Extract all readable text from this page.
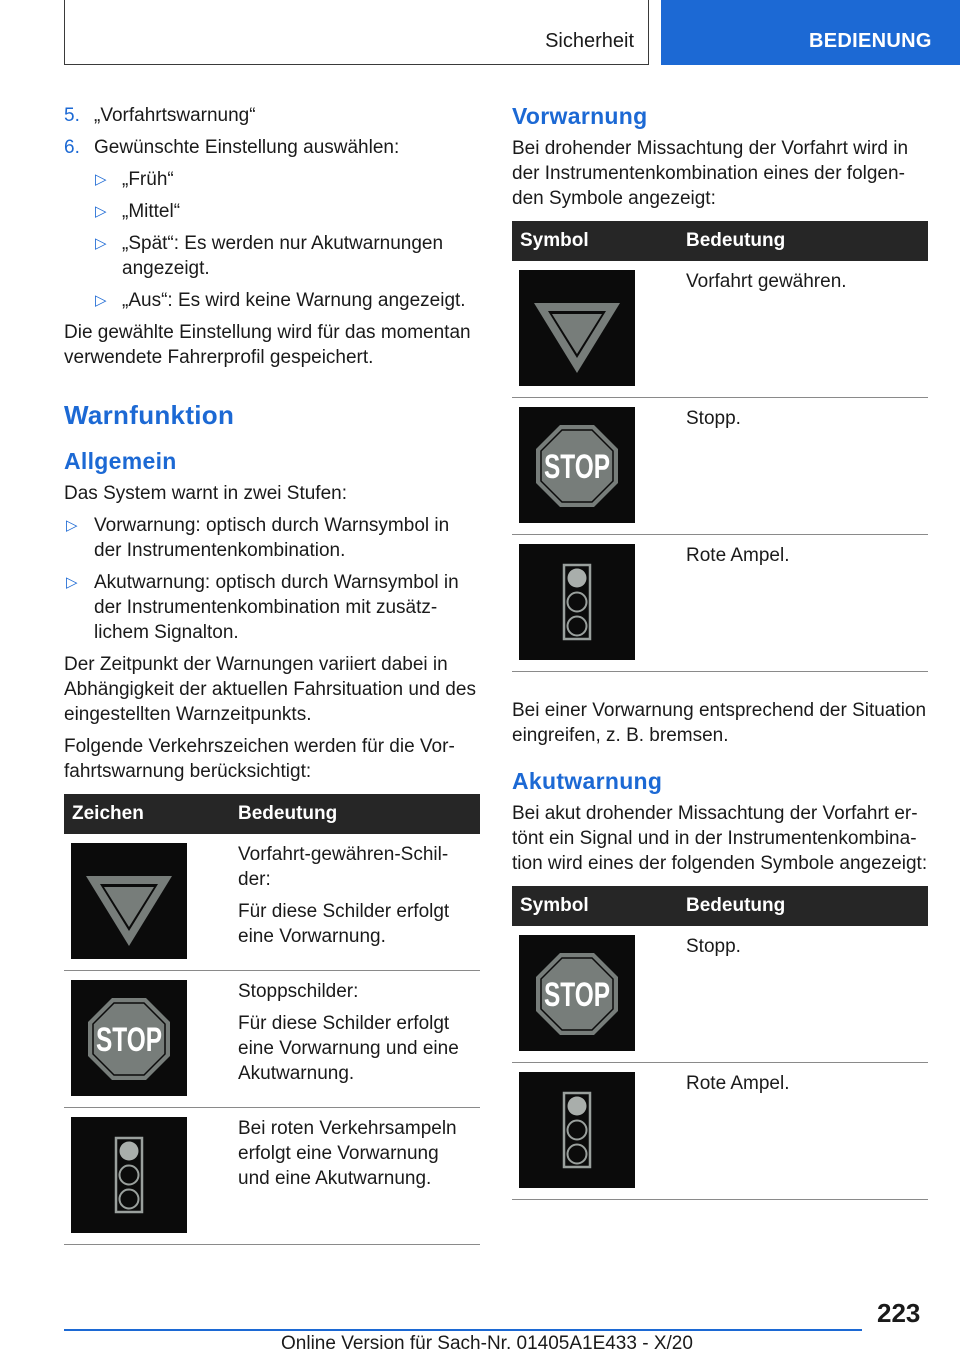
Sicherheit	BEDIENUNG
5. „Vorfahrtswarnung“
6. Gewünschte Einstellung auswählen:
▷ „Früh“
▷ „Mittel“
▷ „Spät“: Es werden nur Akutwarnungen angezeigt.
▷ „Aus“: Es wird keine Warnung angezeigt.
Die gewählte Einstellung wird für das momentan verwendete Fahrerprofil gespeichert.
Warnfunktion
Allgemein
Das System warnt in zwei Stufen:
▷ Vorwarnung: optisch durch Warnsymbol in der Instrumentenkombination.
▷ Akutwarnung: optisch durch Warnsymbol in der Instrumentenkombination mit zusätzlichem Signalton.
Der Zeitpunkt der Warnungen variiert dabei in Abhängigkeit der aktuellen Fahrsituation und des eingestellten Warnzeitpunkts.
Folgende Verkehrszeichen werden für die Vorfahrtswarnung berücksichtigt:
Zeichen	Bedeutung

Vorfahrt-gewähren-Schilder:
Für diese Schilder erfolgt eine Vorwarnung.

STOP	Stoppschilder:
Für diese Schilder erfolgt eine Vorwarnung und eine Akutwarnung.

Bei roten Verkehrsampeln erfolgt eine Vorwarnung und eine Akutwarnung.
Vorwarnung
Bei drohender Missachtung der Vorfahrt wird in der Instrumentenkombination eines der folgenden Symbole angezeigt:
Symbol	Bedeutung

	Vorfahrt gewähren.

STOP	Stopp.

	Rote Ampel.
Bei einer Vorwarnung entsprechend der Situation eingreifen, z. B. bremsen.
Akutwarnung
Bei akut drohender Missachtung der Vorfahrt ertönt ein Signal und in der Instrumentenkombination wird eines der folgenden Symbole angezeigt:
Symbol	Bedeutung

STOP	Stopp.

	Rote Ampel.
223
Online Version für Sach-Nr. 01405A1E433 - X/20
